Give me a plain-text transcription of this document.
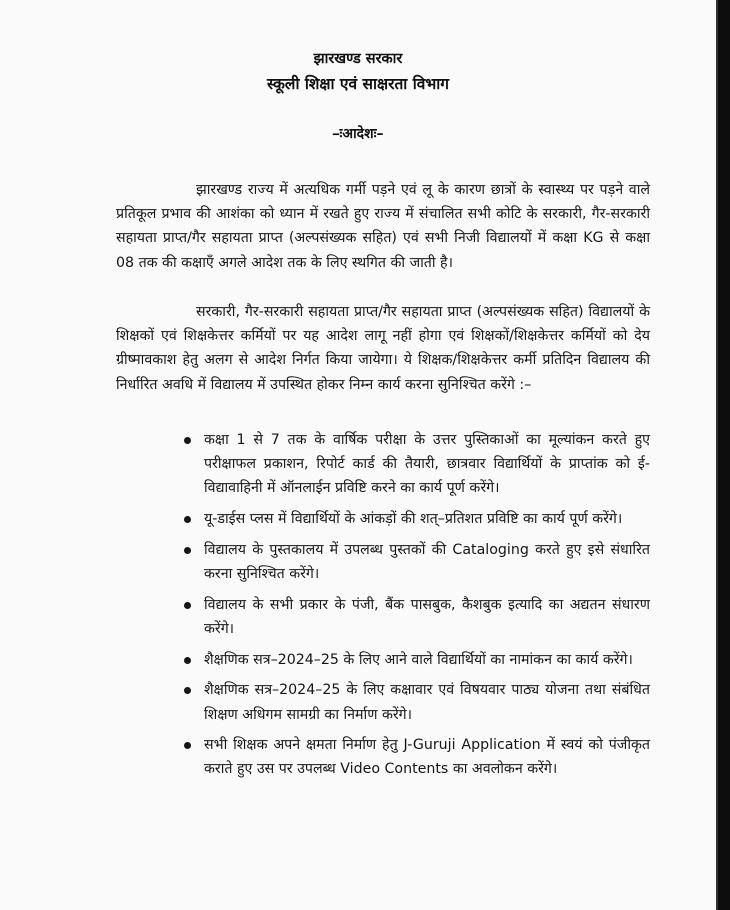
झारखण्ड सरकार
स्कूली शिक्षा एवं साक्षरता विभाग
–ःआदेशः–
झारखण्ड राज्य में अत्यधिक गर्मी पड़ने एवं लू के कारण छात्रों के स्वास्थ्य पर पड़ने वाले प्रतिकूल प्रभाव की आशंका को ध्यान में रखते हुए राज्य में संचालित सभी कोटि के सरकारी, गैर-सरकारी सहायता प्राप्त/गैर सहायता प्राप्त (अल्पसंख्यक सहित) एवं सभी निजी विद्यालयों में कक्षा KG से कक्षा 08 तक की कक्षाएँ अगले आदेश तक के लिए स्थगित की जाती है।
सरकारी, गैर-सरकारी सहायता प्राप्त/गैर सहायता प्राप्त (अल्पसंख्यक सहित) विद्यालयों के शिक्षकों एवं शिक्षकेत्तर कर्मियों पर यह आदेश लागू नहीं होगा एवं शिक्षकों/शिक्षकेत्तर कर्मियों को देय ग्रीष्मावकाश हेतु अलग से आदेश निर्गत किया जायेगा। ये शिक्षक/शिक्षकेत्तर कर्मी प्रतिदिन विद्यालय की निर्धारित अवधि में विद्यालय में उपस्थित होकर निम्न कार्य करना सुनिश्चित करेंगे :–
कक्षा 1 से 7 तक के वार्षिक परीक्षा के उत्तर पुस्तिकाओं का मूल्यांकन करते हुए परीक्षाफल प्रकाशन, रिपोर्ट कार्ड की तैयारी, छात्रवार विद्यार्थियों के प्राप्तांक को ई-विद्यावाहिनी में ऑनलाईन प्रविष्टि करने का कार्य पूर्ण करेंगे।
यू-डाईस प्लस में विद्यार्थियों के आंकड़ों की शत्–प्रतिशत प्रविष्टि का कार्य पूर्ण करेंगे।
विद्यालय के पुस्तकालय में उपलब्ध पुस्तकों की Cataloging करते हुए इसे संधारित करना सुनिश्चित करेंगे।
विद्यालय के सभी प्रकार के पंजी, बैंक पासबुक, कैशबुक इत्यादि का अद्यतन संधारण करेंगे।
शैक्षणिक सत्र–2024–25 के लिए आने वाले विद्यार्थियों का नामांकन का कार्य करेंगे।
शैक्षणिक सत्र–2024–25 के लिए कक्षावार एवं विषयवार पाठ्य योजना तथा संबंधित शिक्षण अधिगम सामग्री का निर्माण करेंगे।
सभी शिक्षक अपने क्षमता निर्माण हेतु J-Guruji Application में स्वयं को पंजीकृत कराते हुए उस पर उपलब्ध Video Contents का अवलोकन करेंगे।
